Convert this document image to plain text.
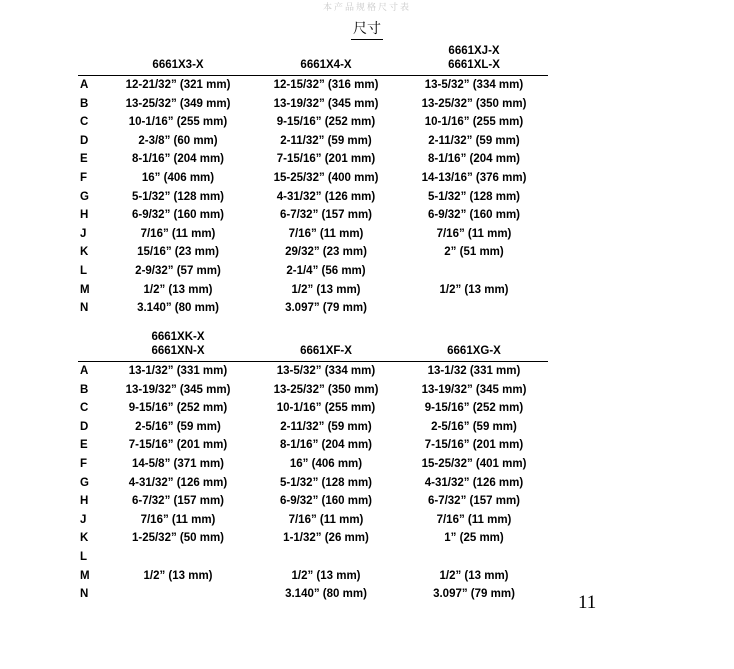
本产品规格尺寸表
尺寸
			6661XJ-X
	6661X3-X	6661X4-X	6661XL-X

A	12-21/32” (321 mm)	12-15/32” (316 mm)	13-5/32” (334 mm)
B	13-25/32” (349 mm)	13-19/32” (345 mm)	13-25/32” (350 mm)
C	10-1/16” (255 mm)	9-15/16” (252 mm)	10-1/16” (255 mm)
D	2-3/8” (60 mm)	2-11/32” (59 mm)	2-11/32” (59 mm)
E	8-1/16” (204 mm)	7-15/16” (201 mm)	8-1/16” (204 mm)
F	16” (406 mm)	15-25/32” (400 mm)	14-13/16” (376 mm)
G	5-1/32” (128 mm)	4-31/32” (126 mm)	5-1/32” (128 mm)
H	6-9/32” (160 mm)	6-7/32” (157 mm)	6-9/32” (160 mm)
J	7/16” (11 mm)	7/16” (11 mm)	7/16” (11 mm)
K	15/16” (23 mm)	29/32” (23 mm)	2” (51 mm)
L	2-9/32” (57 mm)	2-1/4” (56 mm)	
M	1/2” (13 mm)	1/2” (13 mm)	1/2” (13 mm)
N	3.140” (80 mm)	3.097” (79 mm)	
	6661XK-X		
	6661XN-X	6661XF-X	6661XG-X

A	13-1/32” (331 mm)	13-5/32” (334 mm)	13-1/32 (331 mm)
B	13-19/32” (345 mm)	13-25/32” (350 mm)	13-19/32” (345 mm)
C	9-15/16” (252 mm)	10-1/16” (255 mm)	9-15/16” (252 mm)
D	2-5/16” (59 mm)	2-11/32” (59 mm)	2-5/16” (59 mm)
E	7-15/16” (201 mm)	8-1/16” (204 mm)	7-15/16” (201 mm)
F	14-5/8” (371 mm)	16” (406 mm)	15-25/32” (401 mm)
G	4-31/32” (126 mm)	5-1/32” (128 mm)	4-31/32” (126 mm)
H	6-7/32” (157 mm)	6-9/32” (160 mm)	6-7/32” (157 mm)
J	7/16” (11 mm)	7/16” (11 mm)	7/16” (11 mm)
K	1-25/32” (50 mm)	1-1/32” (26 mm)	1” (25 mm)
L			
M	1/2” (13 mm)	1/2” (13 mm)	1/2” (13 mm)
N		3.140” (80 mm)	3.097” (79 mm)	11
